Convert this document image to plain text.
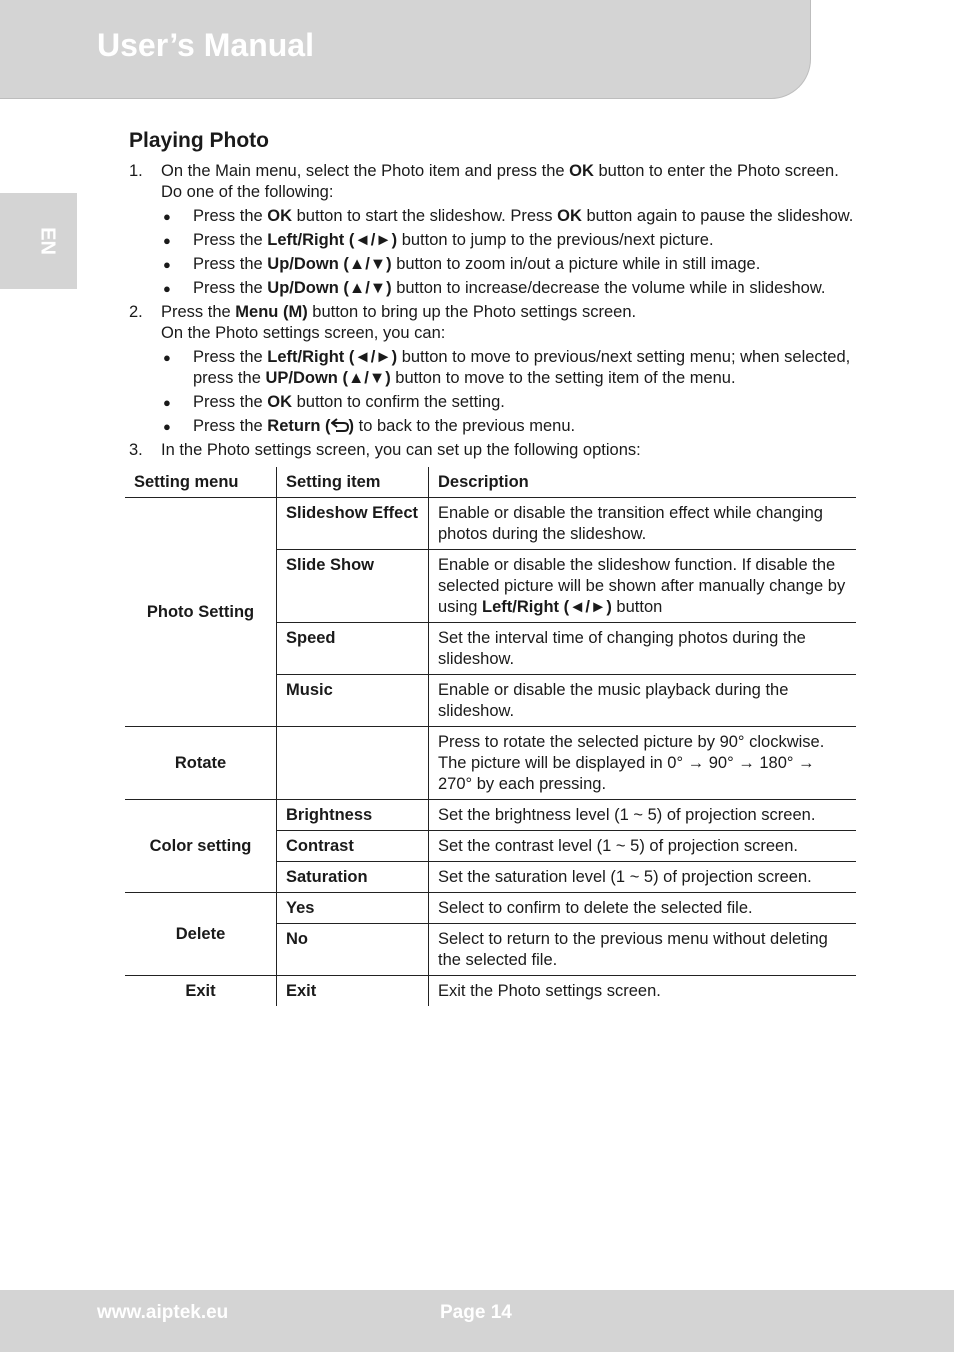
User’s Manual
EN
Playing Photo
1. On the Main menu, select the Photo item and press the OK button to enter the Photo screen.

Do one of the following:

● Press the OK button to start the slideshow. Press OK button again to pause the slideshow.
● Press the Left/Right (◄/►) button to jump to the previous/next picture.
● Press the Up/Down (▲/▼) button to zoom in/out a picture while in still image.
● Press the Up/Down (▲/▼) button to increase/decrease the volume while in slideshow.
2. Press the Menu (M) button to bring up the Photo settings screen.

On the Photo settings screen, you can:

● Press the Left/Right (◄/►) button to move to previous/next setting menu; when selected, press the UP/Down (▲/▼) button to move to the setting item of the menu.
● Press the OK button to confirm the setting.
● Press the Return ( ) to back to the previous menu.
3. In the Photo settings screen, you can set up the following options:

Setting menu	Setting item	Description
Photo Setting	Slideshow Effect	Enable or disable the transition effect while changing photos during the slideshow.
	Slide Show	Enable or disable the slideshow function. If disable the selected picture will be shown after manually change by using Left/Right (◄/►) button
	Speed	Set the interval time of changing photos during the slideshow.
	Music	Enable or disable the music playback during the slideshow.
Rotate		Press to rotate the selected picture by 90° clockwise. The picture will be displayed in 0° → 90° → 180° → 270° by each pressing.
Color setting	Brightness	Set the brightness level (1 ~ 5) of projection screen.
	Contrast	Set the contrast level (1 ~ 5) of projection screen.
	Saturation	Set the saturation level (1 ~ 5) of projection screen.
Delete	Yes	Select to confirm to delete the selected file.
	No	Select to return to the previous menu without deleting the selected file.
Exit	Exit	Exit the Photo settings screen.
www.aiptek.eu	Page 14
